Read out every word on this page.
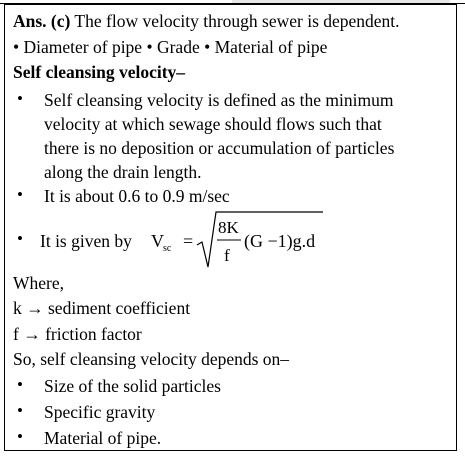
Ans. (c) The flow velocity through sewer is dependent.
• Diameter of pipe • Grade • Material of pipe
Self cleansing velocity–
• Self cleansing velocity is defined as the minimum
velocity at which sewage should flows such that
there is no deposition or accumulation of particles
along the drain length.
• It is about 0.6 to 0.9 m/sec
• It is given by V sc =
8K
f
(G −1)g.d
Where,
k → sediment coefficient
f → friction factor
So, self cleansing velocity depends on–
• Size of the solid particles
• Specific gravity
• Material of pipe.
